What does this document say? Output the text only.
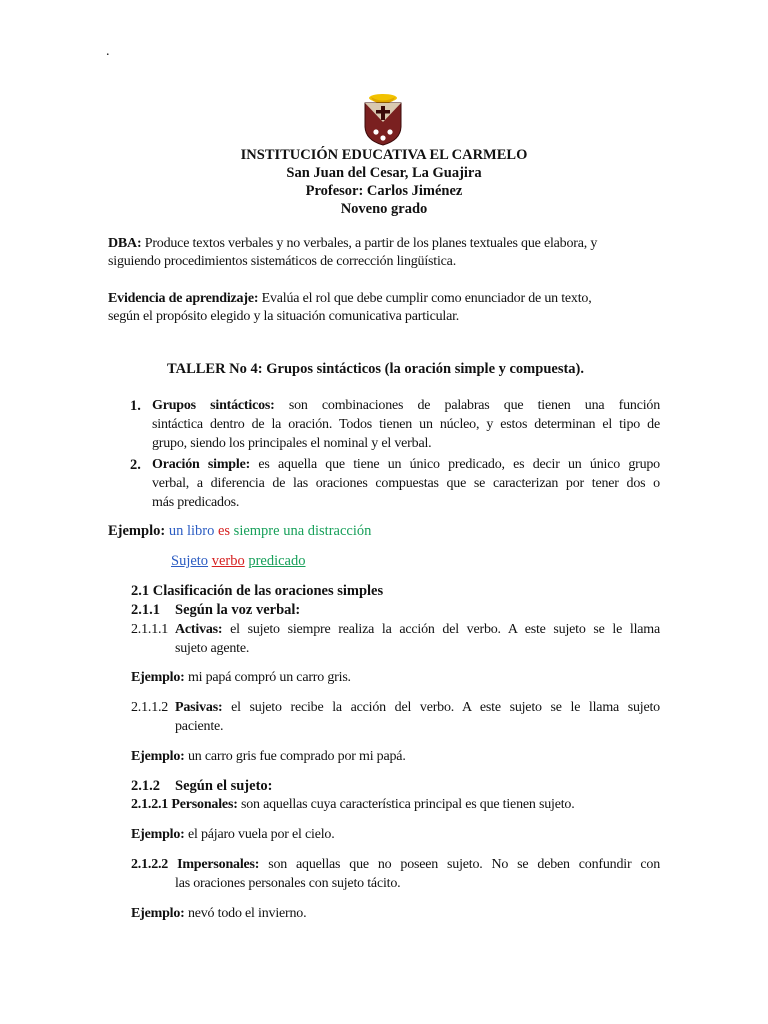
.
INSTITUCIÓN EDUCATIVA EL CARMELO
San Juan del Cesar, La Guajira
Profesor: Carlos Jiménez
Noveno grado
DBA: Produce textos verbales y no verbales, a partir de los planes textuales que elabora, y
siguiendo procedimientos sistemáticos de corrección lingüística.
Evidencia de aprendizaje: Evalúa el rol que debe cumplir como enunciador de un texto,
según el propósito elegido y la situación comunicativa particular.
TALLER No 4: Grupos sintácticos (la oración simple y compuesta).
1. Grupos sintácticos: son combinaciones de palabras que tienen una función
sintáctica dentro de la oración. Todos tienen un núcleo, y estos determinan el tipo de
grupo, siendo los principales el nominal y el verbal.
2. Oración simple: es aquella que tiene un único predicado, es decir un único grupo
verbal, a diferencia de las oraciones compuestas que se caracterizan por tener dos o
más predicados.
Ejemplo: un libro es siempre una distracción
Sujeto verbo predicado
2.1 Clasificación de las oraciones simples
2.1.1 Según la voz verbal:
2.1.1.1 Activas: el sujeto siempre realiza la acción del verbo. A este sujeto se le llama
sujeto agente.
Ejemplo: mi papá compró un carro gris.
2.1.1.2 Pasivas: el sujeto recibe la acción del verbo. A este sujeto se le llama sujeto
paciente.
Ejemplo: un carro gris fue comprado por mi papá.
2.1.2 Según el sujeto:
2.1.2.1 Personales: son aquellas cuya característica principal es que tienen sujeto.
Ejemplo: el pájaro vuela por el cielo.
2.1.2.2 Impersonales: son aquellas que no poseen sujeto. No se deben confundir con
las oraciones personales con sujeto tácito.
Ejemplo: nevó todo el invierno.
